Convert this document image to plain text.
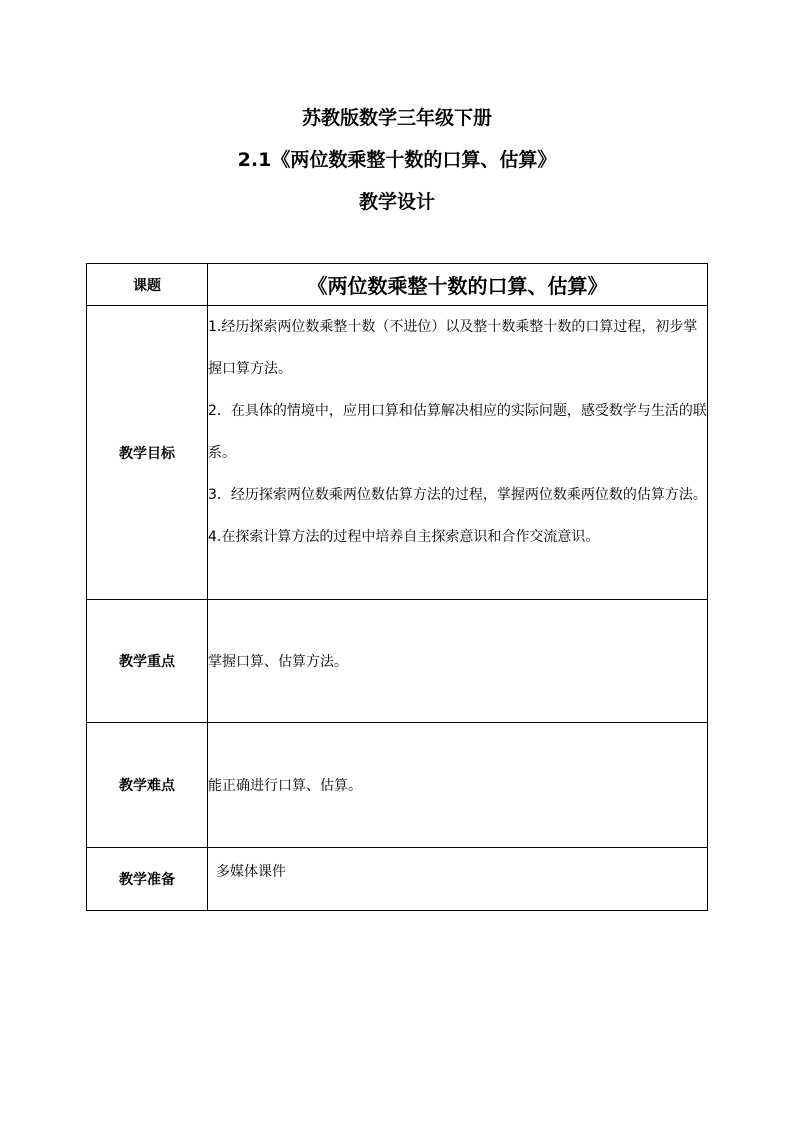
苏教版数学三年级下册
2.1《两位数乘整十数的口算、估算》
教学设计
课题	《两位数乘整十数的口算、估算》
教学目标	1.经历探索两位数乘整十数（不进位）以及整十数乘整十数的口算过程，初步掌握口算方法。

2．在具体的情境中，应用口算和估算解决相应的实际问题，感受数学与生活的联系。

3．经历探索两位数乘两位数估算方法的过程，掌握两位数乘两位数的估算方法。

4.在探索计算方法的过程中培养自主探索意识和合作交流意识。

教学重点	掌握口算、估算方法。
教学难点	能正确进行口算、估算。
教学准备	多媒体课件
